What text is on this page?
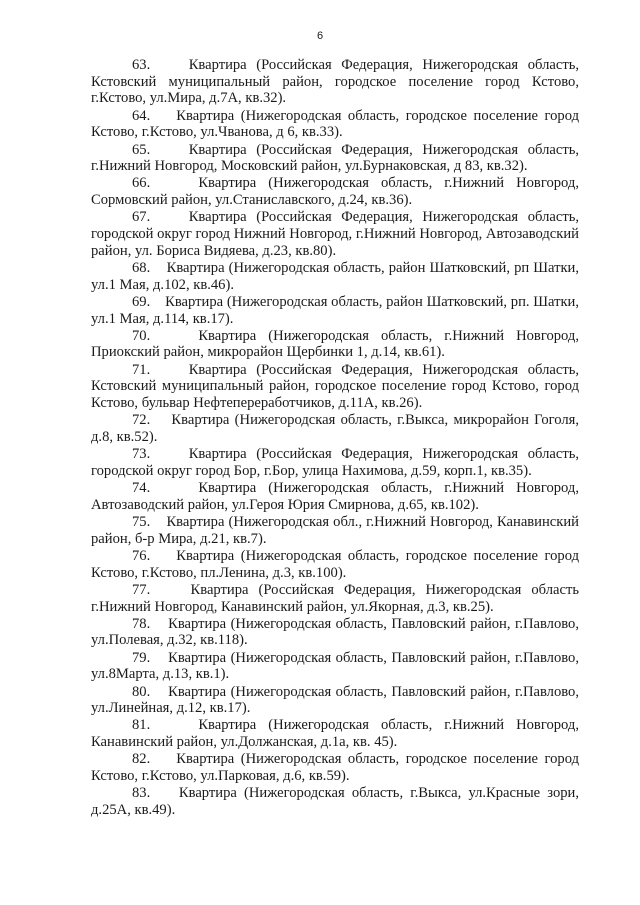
6

63.	Квартира (Российская Федерация, Нижегородская область, Кстовский муниципальный район, городское поселение город Кстово, г.Кстово, ул.Мира, д.7А, кв.32).

64. Квартира (Нижегородская область, городское поселение город Кстово, г.Кстово, ул.Чванова, д 6, кв.33).

65.	Квартира (Российская Федерация, Нижегородская область, г.Нижний Новгород, Московский район, ул.Бурнаковская, д 83, кв.32).

66.	Квартира (Нижегородская область, г.Нижний Новгород, Сормовский район, ул.Станиславского, д.24, кв.36).

67.	Квартира (Российская Федерация, Нижегородская область, городской округ город Нижний Новгород, г.Нижний Новгород, Автозаводский район, ул. Бориса Видяева, д.23, кв.80).

68. Квартира (Нижегородская область, район Шатковский, рп Шатки, ул.1 Мая, д.102, кв.46).

69. Квартира (Нижегородская область, район Шатковский, рп. Шатки, ул.1 Мая, д.114, кв.17).

70.	Квартира (Нижегородская область, г.Нижний Новгород, Приокский район, микрорайон Щербинки 1, д.14, кв.61).

71.	Квартира (Российская Федерация, Нижегородская область, Кстовский муниципальный район, городское поселение город Кстово, город Кстово, бульвар Нефтепереработчиков, д.11А, кв.26).

72. Квартира (Нижегородская область, г.Выкса, микрорайон Гоголя, д.8, кв.52).

73.	Квартира (Российская Федерация, Нижегородская область, городской округ город Бор, г.Бор, улица Нахимова, д.59, корп.1, кв.35).

74.	Квартира (Нижегородская область, г.Нижний Новгород, Автозаводский район, ул.Героя Юрия Смирнова, д.65, кв.102).

75. Квартира (Нижегородская обл., г.Нижний Новгород, Канавинский район, б-р Мира, д.21, кв.7).

76. Квартира (Нижегородская область, городское поселение город Кстово, г.Кстово, пл.Ленина, д.3, кв.100).

77.	Квартира (Российская Федерация, Нижегородская область г.Нижний Новгород, Канавинский район, ул.Якорная, д.3, кв.25).

78. Квартира (Нижегородская область, Павловский район, г.Павлово, ул.Полевая, д.32, кв.118).

79. Квартира (Нижегородская область, Павловский район, г.Павлово, ул.8Марта, д.13, кв.1).

80. Квартира (Нижегородская область, Павловский район, г.Павлово, ул.Линейная, д.12, кв.17).

81.	Квартира (Нижегородская область, г.Нижний Новгород, Канавинский район, ул.Должанская, д.1а, кв. 45).

82. Квартира (Нижегородская область, городское поселение город Кстово, г.Кстово, ул.Парковая, д.6, кв.59).

83. Квартира (Нижегородская область, г.Выкса, ул.Красные зори, д.25А, кв.49).
